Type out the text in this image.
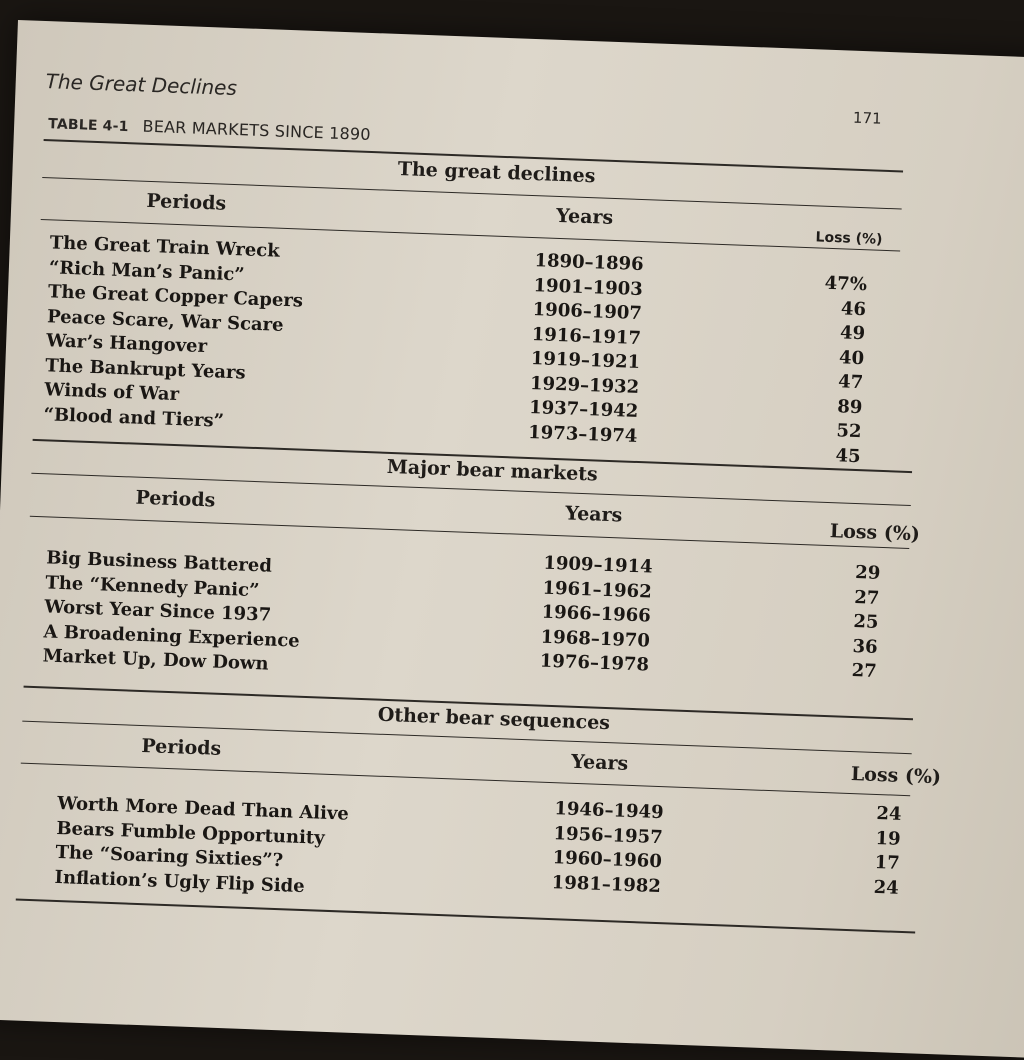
The Great Declines
171
TABLE 4-1 BEAR MARKETS SINCE 1890
The great declines
Periods
Years
Loss (%)
The Great Train Wreck
“Rich Man’s Panic”
The Great Copper Capers
Peace Scare, War Scare
War’s Hangover
The Bankrupt Years
Winds of War
“Blood and Tiers”
1890–1896
1901–1903
1906–1907
1916–1917
1919–1921
1929–1932
1937–1942
1973–1974
47%
46
49
40
47
89
52
45
Major bear markets
Periods
Years
Loss (%)
Big Business Battered
The “Kennedy Panic”
Worst Year Since 1937
A Broadening Experience
Market Up, Dow Down
1909–1914
1961–1962
1966–1966
1968–1970
1976–1978
29
27
25
36
27
Other bear sequences
Periods
Years
Loss (%)
Worth More Dead Than Alive
Bears Fumble Opportunity
The “Soaring Sixties”?
Inflation’s Ugly Flip Side
1946–1949
1956–1957
1960–1960
1981–1982
24
19
17
24
